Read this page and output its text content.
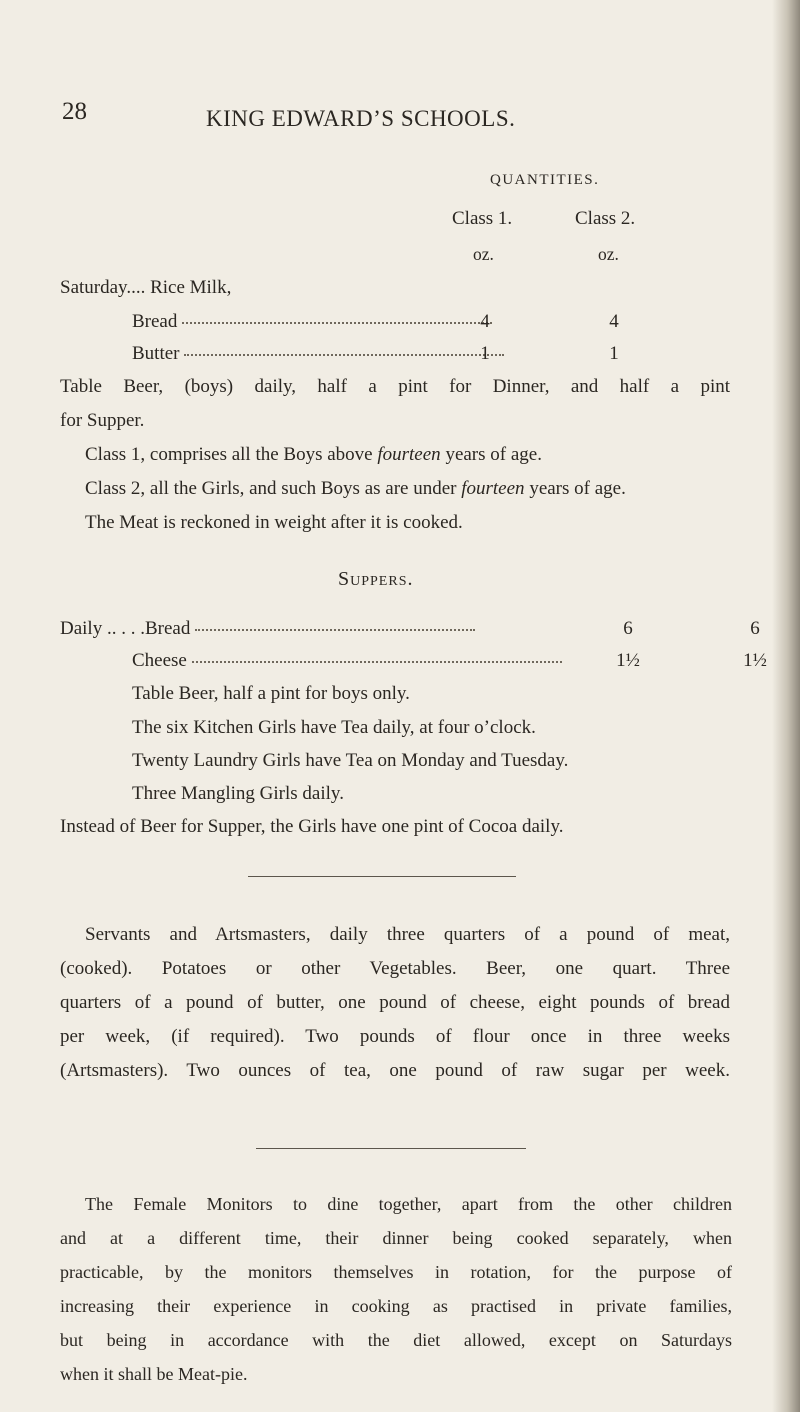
28	KING EDWARD’S SCHOOLS.
QUANTITIES.
Class 1.	Class 2.
oz.	oz.
Saturday.... Rice Milk,
Bread	4	4
Butter	1	1
Table Beer, (boys) daily, half a pint for Dinner, and half a pint
for Supper.
Class 1, comprises all the Boys above fourteen years of age.
Class 2, all the Girls, and such Boys as are under fourteen years of age.
The Meat is reckoned in weight after it is cooked.
Suppers.
Daily .. . . .Bread	6	6
Cheese	1½	1½
Table Beer, half a pint for boys only.
The six Kitchen Girls have Tea daily, at four o’clock.
Twenty Laundry Girls have Tea on Monday and Tuesday.
Three Mangling Girls daily.
Instead of Beer for Supper, the Girls have one pint of Cocoa daily.
Servants and Artsmasters, daily three quarters of a pound of meat,
(cooked). Potatoes or other Vegetables. Beer, one quart. Three
quarters of a pound of butter, one pound of cheese, eight pounds of bread
per week, (if required). Two pounds of flour once in three weeks
(Artsmasters). Two ounces of tea, one pound of raw sugar per week.
The Female Monitors to dine together, apart from the other children
and at a different time, their dinner being cooked separately, when
practicable, by the monitors themselves in rotation, for the purpose of
increasing their experience in cooking as practised in private families,
but being in accordance with the diet allowed, except on Saturdays
when it shall be Meat-pie.
